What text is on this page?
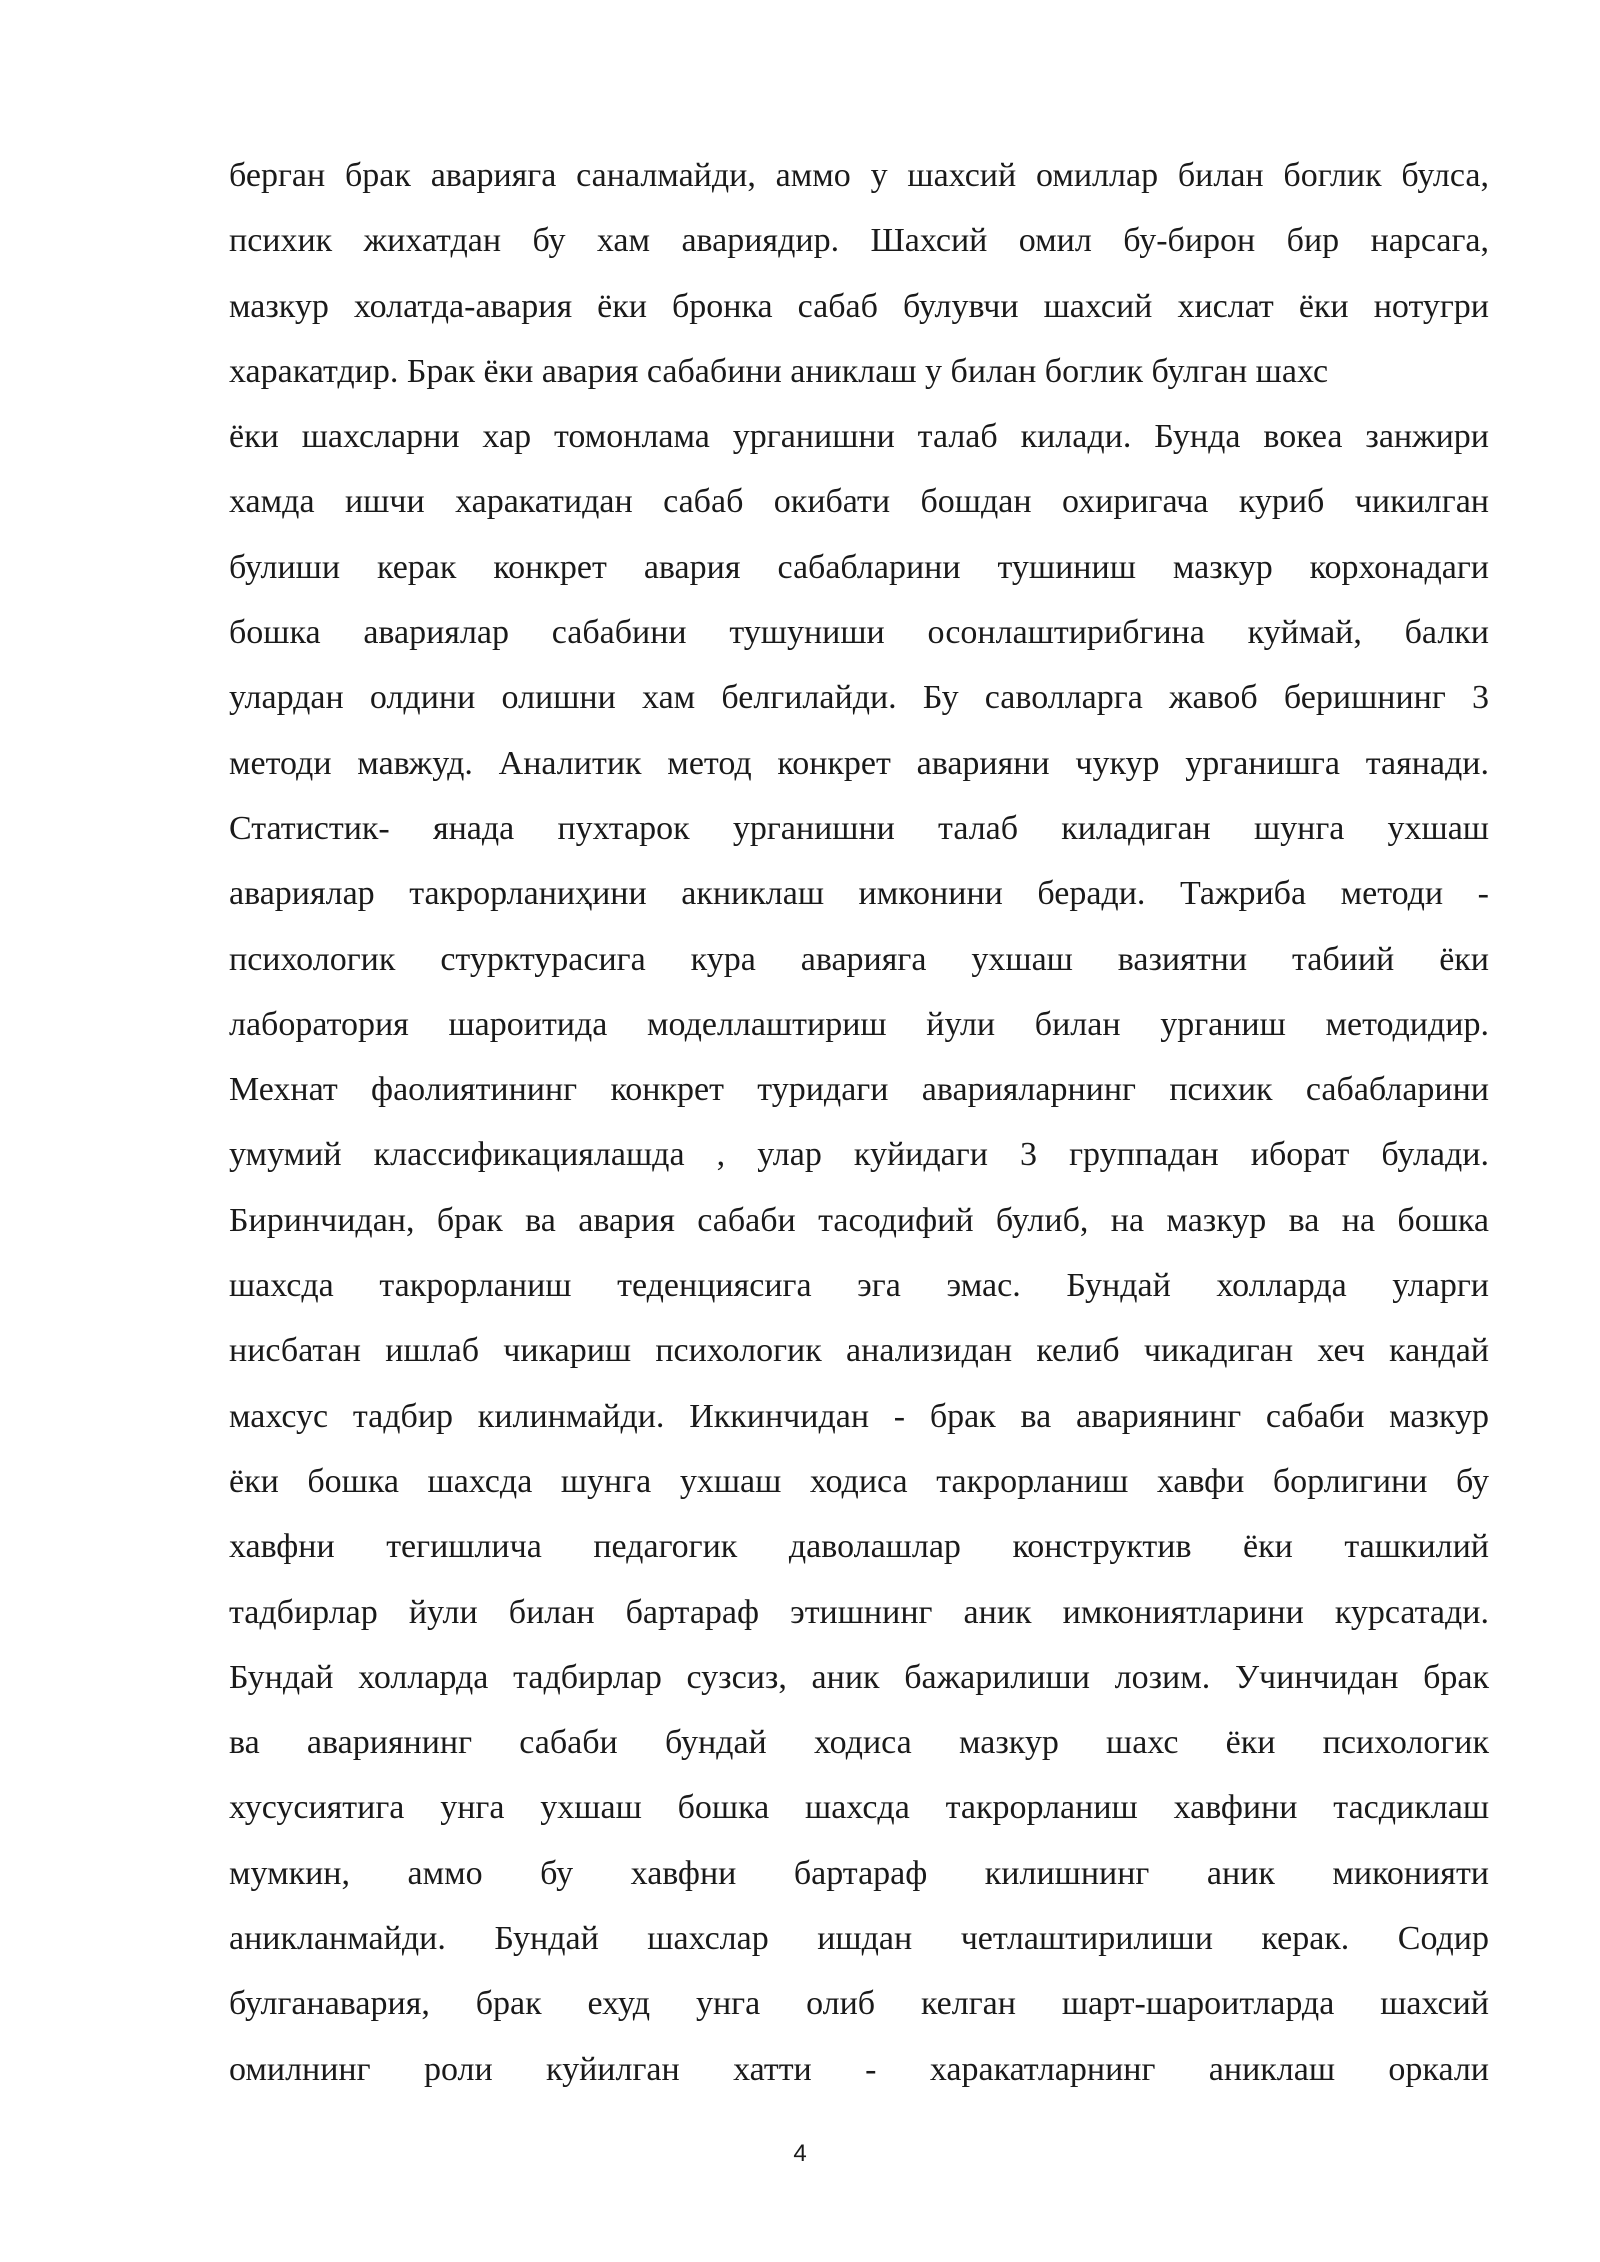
берган брак аварияга саналмайди, аммо у шахсий омиллар билан боглик булса,
психик жихатдан бу хам авариядир. Шахсий омил бу-бирон бир нарсага,
мазкур холатда-авария ёки бронка сабаб булувчи шахсий хислат ёки нотугри
харакатдир. Брак ёки авария сабабини аниклаш у билан боглик булган шахс
ёки шахсларни хар томонлама урганишни талаб килади. Бунда вокеа занжири
хамда ишчи харакатидан сабаб окибати бошдан охиригача куриб чикилган
булиши керак конкрет авария сабабларини тушиниш мазкур корхонадаги
бошка авариялар сабабини тушуниши осонлаштирибгина куймай, балки
улардан олдини олишни хам белгилайди. Бу саволларга жавоб беришнинг 3
методи мавжуд. Аналитик метод конкрет аварияни чукур урганишга таянади.
Статистик- янада пухтарок урганишни талаб киладиган шунга ухшаш
авариялар такрорланиҳини акниклаш имконини беради. Тажриба методи -
психологик стурктурасига кура аварияга ухшаш вазиятни табиий ёки
лаборатория шароитида моделлаштириш йули билан урганиш методидир.
Мехнат фаолиятининг конкрет туридаги аварияларнинг психик сабабларини
умумий классификациялашда , улар куйидаги 3 группадан иборат булади.
Биринчидан, брак ва авария сабаби тасодифий булиб, на мазкур ва на бошка
шахсда такрорланиш теденциясига эга эмас. Бундай холларда уларги
нисбатан ишлаб чикариш психологик анализидан келиб чикадиган хеч кандай
махсус тадбир килинмайди. Иккинчидан - брак ва авариянинг сабаби мазкур
ёки бошка шахсда шунга ухшаш ходиса такрорланиш хавфи борлигини бу
хавфни тегишлича педагогик даволашлар конструктив ёки ташкилий
тадбирлар йули билан бартараф этишнинг аник имкониятларини курсатади.
Бундай холларда тадбирлар сузсиз, аник бажарилиши лозим. Учинчидан брак
ва авариянинг сабаби бундай ходиса мазкур шахс ёки психологик
хусусиятига унга ухшаш бошка шахсда такрорланиш хавфини тасдиклаш
мумкин, аммо бу хавфни бартараф килишнинг аник миконияти
аникланмайди. Бундай шахслар ишдан четлаштирилиши керак. Содир
булганавария, брак ехуд унга олиб келган шарт-шароитларда шахсий
омилнинг роли куйилган хатти - харакатларнинг аниклаш оркали
4
